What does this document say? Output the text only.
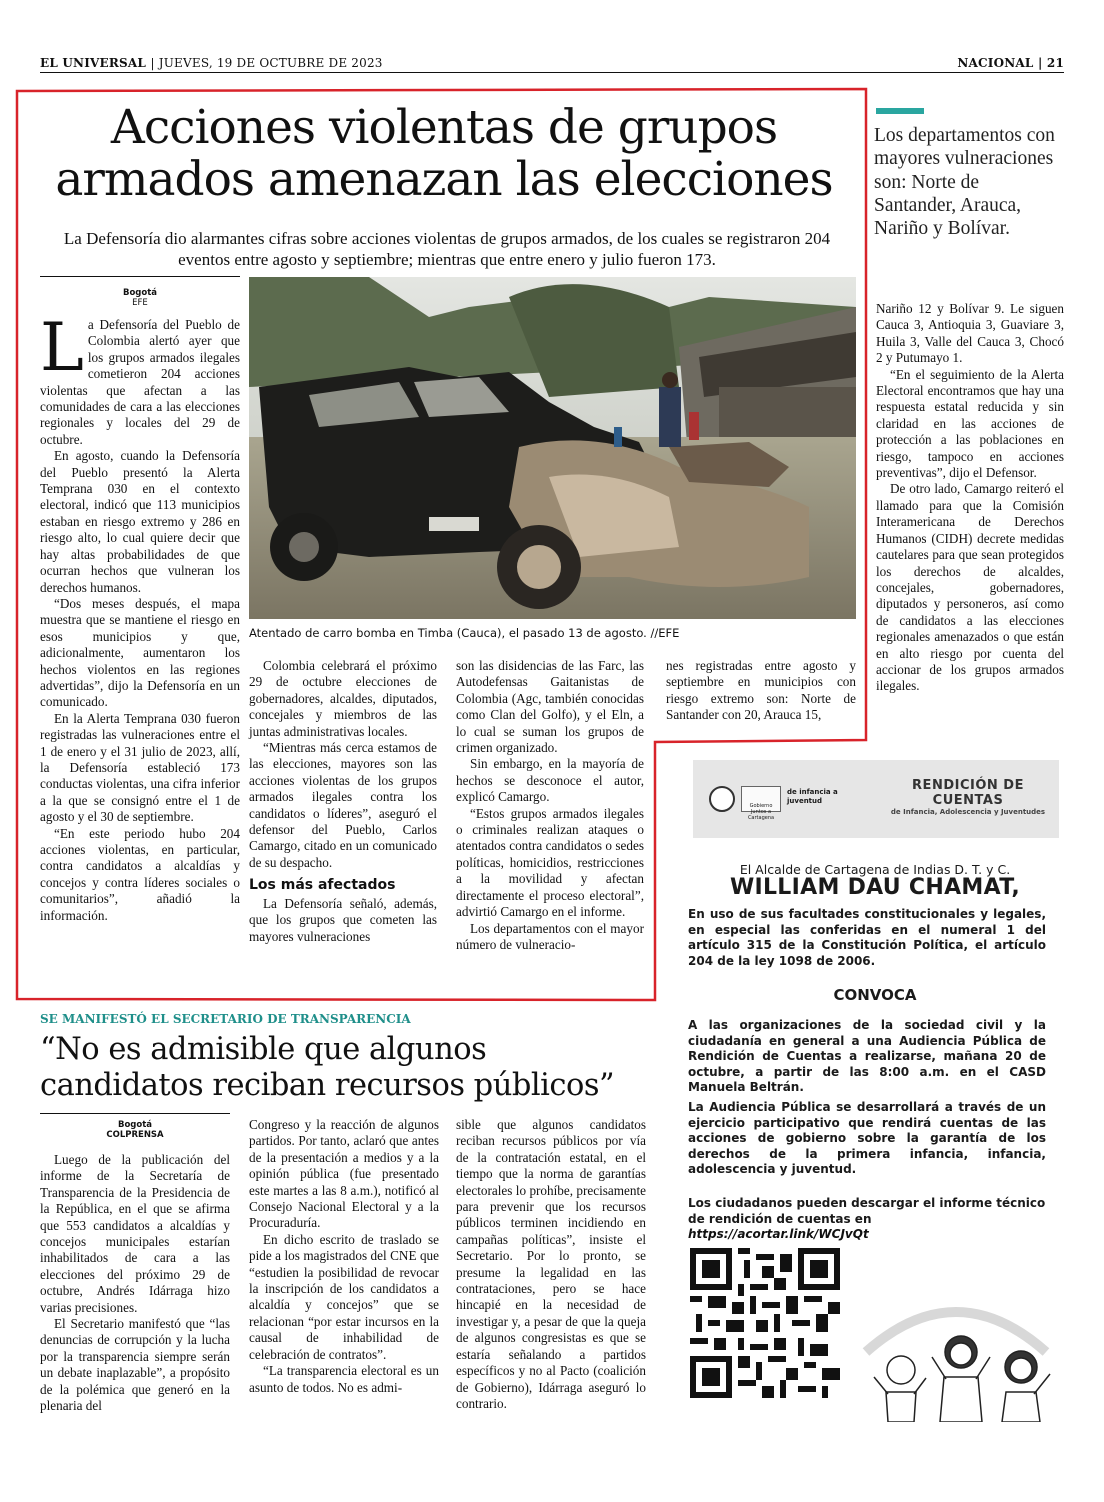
EL UNIVERSAL | JUEVES, 19 DE OCTUBRE DE 2023	NACIONAL | 21
Acciones violentas de grupos armados amenazan las elecciones

La Defensoría dio alarmantes cifras sobre acciones violentas de grupos armados, de los cuales se registraron 204 eventos entre agosto y septiembre; mientras que entre enero y julio fueron 173.

Bogotá
EFE

La Defensoría del Pueblo de Colombia alertó ayer que los grupos armados ilegales cometieron 204 acciones violentas que afectan a las comunidades de cara a las elecciones regionales y locales del 29 de octubre.

En agosto, cuando la Defensoría del Pueblo presentó la Alerta Temprana 030 en el contexto electoral, indicó que 113 municipios estaban en riesgo extremo y 286 en riesgo alto, lo cual quiere decir que hay altas probabilidades de que ocurran hechos que vulneran los derechos humanos.

“Dos meses después, el mapa muestra que se mantiene el riesgo en esos municipios y que, adicionalmente, aumentaron los hechos violentos en las regiones advertidas”, dijo la Defensoría en un comunicado.

En la Alerta Temprana 030 fueron registradas las vulneraciones entre el 1 de enero y el 31 julio de 2023, allí, la Defensoría estableció 173 conductas violentas, una cifra inferior a la que se consignó entre el 1 de agosto y el 30 de septiembre.

“En este periodo hubo 204 acciones violentas, en particular, contra candidatos a alcaldías y concejos y contra líderes sociales o comunitarios”, añadió la información.

Atentado de carro bomba en Timba (Cauca), el pasado 13 de agosto. //EFE

Colombia celebrará el próximo 29 de octubre elecciones de gobernadores, alcaldes, diputados, concejales y miembros de las juntas administrativas locales.

“Mientras más cerca estamos de las elecciones, mayores son las acciones violentas de los grupos armados ilegales contra los candidatos o líderes”, aseguró el defensor del Pueblo, Carlos Camargo, citado en un comunicado de su despacho.

Los más afectados

La Defensoría señaló, además, que los grupos que cometen las mayores vulneraciones

son las disidencias de las Farc, las Autodefensas Gaitanistas de Colombia (Agc, también conocidas como Clan del Golfo), y el Eln, a lo cual se suman los grupos de crimen organizado.

Sin embargo, en la mayoría de hechos se desconoce el autor, explicó Camargo.

“Estos grupos armados ilegales o criminales realizan ataques o atentados contra candidatos o sedes políticas, homicidios, restricciones a la movilidad y afectan directamente el proceso electoral”, advirtió Camargo en el informe.

Los departamentos con el mayor número de vulneracio-

nes registradas entre agosto y septiembre en municipios con riesgo extremo son: Norte de Santander con 20, Arauca 15,

Los departamentos con mayores vulneraciones son: Norte de Santander, Arauca, Nariño y Bolívar.

Nariño 12 y Bolívar 9. Le siguen Cauca 3, Antioquia 3, Guaviare 3, Huila 3, Valle del Cauca 3, Chocó 2 y Putumayo 1.

“En el seguimiento de la Alerta Electoral encontramos que hay una respuesta estatal reducida y sin claridad en las acciones de protección a las poblaciones en riesgo, tampoco en acciones preventivas”, dijo el Defensor.

De otro lado, Camargo reiteró el llamado para que la Comisión Interamericana de Derechos Humanos (CIDH) decrete medidas cautelares para que sean protegidos los derechos de alcaldes, concejales, gobernadores, diputados y personeros, así como de candidatos a las elecciones regionales amenazados o que están en alto riesgo por cuenta del accionar de los grupos armados ilegales.

SE MANIFESTÓ EL SECRETARIO DE TRANSPARENCIA
“No es admisible que algunos candidatos reciban recursos públicos”
Bogotá
COLPRENSA

Luego de la publicación del informe de la Secretaría de Transparencia de la Presidencia de la República, en el que se afirma que 553 candidatos a alcaldías y concejos municipales estarían inhabilitados de cara a las elecciones del próximo 29 de octubre, Andrés Idárraga hizo varias precisiones.

El Secretario manifestó que “las denuncias de corrupción y la lucha por la transparencia siempre serán un debate inaplazable”, a propósito de la polémica que generó en la plenaria del

Congreso y la reacción de algunos partidos. Por tanto, aclaró que antes de la presentación a medios y a la opinión pública (fue presentado este martes a las 8 a.m.), notificó al Consejo Nacional Electoral y a la Procuraduría.

En dicho escrito de traslado se pide a los magistrados del CNE que “estudien la posibilidad de revocar la inscripción de los candidatos a alcaldía y concejos” que se relacionan “por estar incursos en la causal de inhabilidad de celebración de contratos”.

“La transparencia electoral es un asunto de todos. No es admi-

sible que algunos candidatos reciban recursos públicos por vía de la contratación estatal, en el tiempo que la norma de garantías electorales lo prohíbe, precisamente para prevenir que los recursos públicos terminen incidiendo en campañas políticas”, insiste el Secretario. Por lo pronto, se presume la legalidad en las contrataciones, pero se hace hincapié en la necesidad de investigar y, a pesar de que la queja de algunos congresistas es que se estaría señalando a partidos específicos y no al Pacto (coalición de Gobierno), Idárraga aseguró lo contrario.

Gobierno Juntos a Cartagena
de infancia a juventud
RENDICIÓN DE CUENTAS
de Infancia, Adolescencia y Juventudes
El Alcalde de Cartagena de Indias D. T. y C.
WILLIAM DAU CHAMAT,

En uso de sus facultades constitucionales y legales, en especial las conferidas en el numeral 1 del artículo 315 de la Constitución Política, el artículo 204 de la ley 1098 de 2006.

CONVOCA

A las organizaciones de la sociedad civil y la ciudadanía en general a una Audiencia Pública de Rendición de Cuentas a realizarse, mañana 20 de octubre, a partir de las 8:00 a.m. en el CASD Manuela Beltrán.

La Audiencia Pública se desarrollará a través de un ejercicio participativo que rendirá cuentas de las acciones de gobierno sobre la garantía de los derechos de la primera infancia, infancia, adolescencia y juventud.

Los ciudadanos pueden descargar el informe técnico de rendición de cuentas en https://acortar.link/WCJvQt
